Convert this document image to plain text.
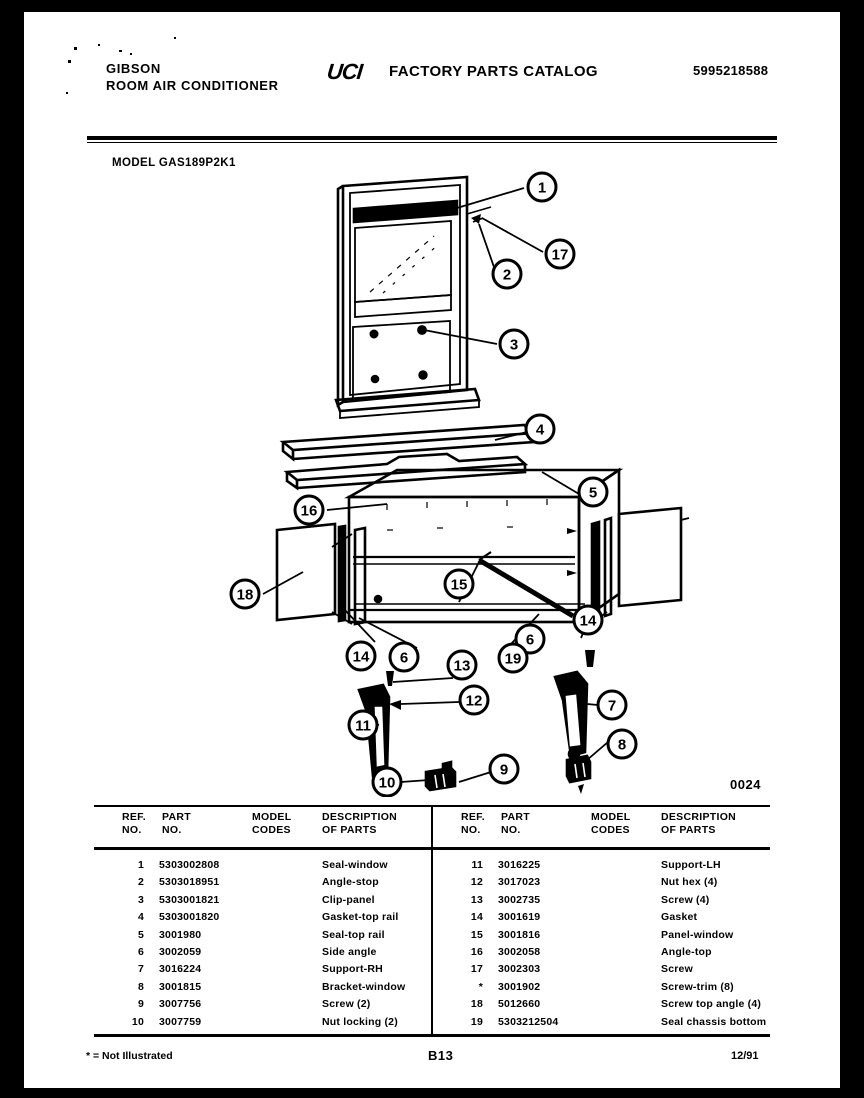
GIBSON
ROOM AIR CONDITIONER
UCI FACTORY PARTS CATALOG	5995218588
MODEL GAS189P2K1
1
17
2
3
4
5
16
18
15
14
6
14 6	19
13
12	7
11
8
9
10	0024
REF.
NO.
PART
NO.
MODEL
CODES
DESCRIPTION
OF PARTS
1 5303002808	Seal-window
2 5303018951	Angle-stop
3 5303001821	Clip-panel
4 5303001820	Gasket-top rail
5 3001980	Seal-top rail
6 3002059	Side angle
7 3016224	Support-RH
8 3001815	Bracket-window
9 3007756	Screw (2)
10 3007759	Nut locking (2)
REF.
NO.
PART
NO.
MODEL
CODES
DESCRIPTION
OF PARTS
11 3016225	Support-LH
12 3017023	Nut hex (4)
13 3002735	Screw (4)
14 3001619	Gasket
15 3001816	Panel-window
16 3002058	Angle-top
17 3002303	Screw
* 3001902	Screw-trim (8)
18 5012660	Screw top angle (4)
19 5303212504	Seal chassis bottom
* = Not Illustrated	B13	12/91
